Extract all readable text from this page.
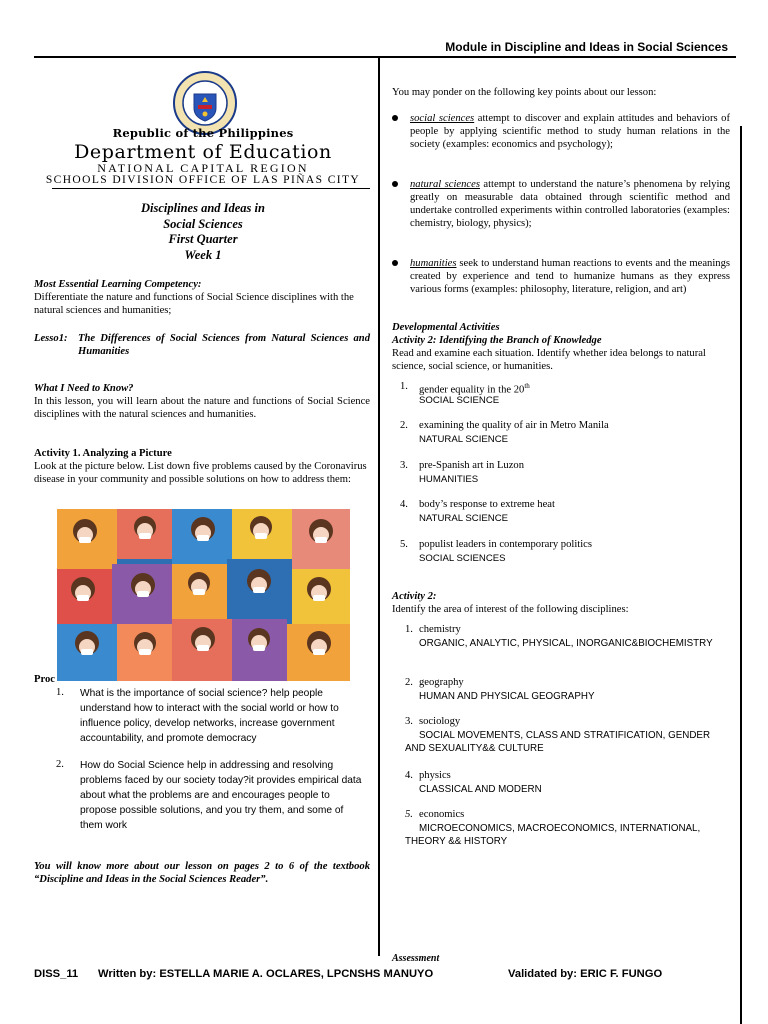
Module in Discipline and Ideas in Social Sciences
Republic of the Philippines
Department of Education
NATIONAL CAPITAL REGION
SCHOOLS DIVISION OFFICE OF LAS PIÑAS CITY
Disciplines and Ideas in
Social Sciences
First Quarter
Week 1
Most Essential Learning Competency:
Differentiate the nature and functions of Social Science disciplines with the natural sciences and humanities;
Lesso1: The Differences of Social Sciences from Natural Sciences and Humanities
What I Need to Know?
In this lesson, you will learn about the nature and functions of Social Science disciplines with the natural sciences and humanities.
Activity 1. Analyzing a Picture
Look at the picture below. List down five problems caused by the Coronavirus disease in your community and possible solutions on how to address them:
Proc
1. What is the importance of social science? help people understand how to interact with the social world or how to influence policy, develop networks, increase government accountability, and promote democracy
2. How do Social Science help in addressing and resolving problems faced by our society today?it provides empirical data about what the problems are and encourages people to propose possible solutions, and you try them, and some of them work
You will know more about our lesson on pages 2 to 6 of the textbook “Discipline and Ideas in the Social Sciences Reader”.
You may ponder on the following key points about our lesson:
social sciences attempt to discover and explain attitudes and behaviors of people by applying scientific method to study human relations in the society (examples: economics and psychology);
natural sciences attempt to understand the nature’s phenomena by relying greatly on measurable data obtained through scientific method and undertake controlled experiments within controlled laboratories (examples: chemistry, biology, physics);
humanities seek to understand human reactions to events and the meanings created by experience and tend to humanize humans as they express various forms (examples: philosophy, literature, religion, and art)
Developmental Activities
Activity 2: Identifying the Branch of Knowledge
Read and examine each situation. Identify whether idea belongs to natural science, social science, or humanities.
1. gender equality in the 20th
SOCIAL SCIENCE
2. examining the quality of air in Metro Manila
NATURAL SCIENCE
3. pre-Spanish art in Luzon
HUMANITIES
4. body’s response to extreme heat
NATURAL SCIENCE
5. populist leaders in contemporary politics
SOCIAL SCIENCES
Activity 2:
Identify the area of interest of the following disciplines:
1. chemistry
ORGANIC, ANALYTIC, PHYSICAL, INORGANIC&BIOCHEMISTRY
2. geography
HUMAN AND PHYSICAL GEOGRAPHY
3. sociology
SOCIAL MOVEMENTS, CLASS AND STRATIFICATION, GENDER AND SEXUALITY&& CULTURE
4. physics
CLASSICAL AND MODERN
5. economics
MICROECONOMICS, MACROECONOMICS, INTERNATIONAL, THEORY && HISTORY
Assessment
DISS_11 Written by: ESTELLA MARIE A. OCLARES, LPCNSHS MANUYO	Validated by: ERIC F. FUNGO
